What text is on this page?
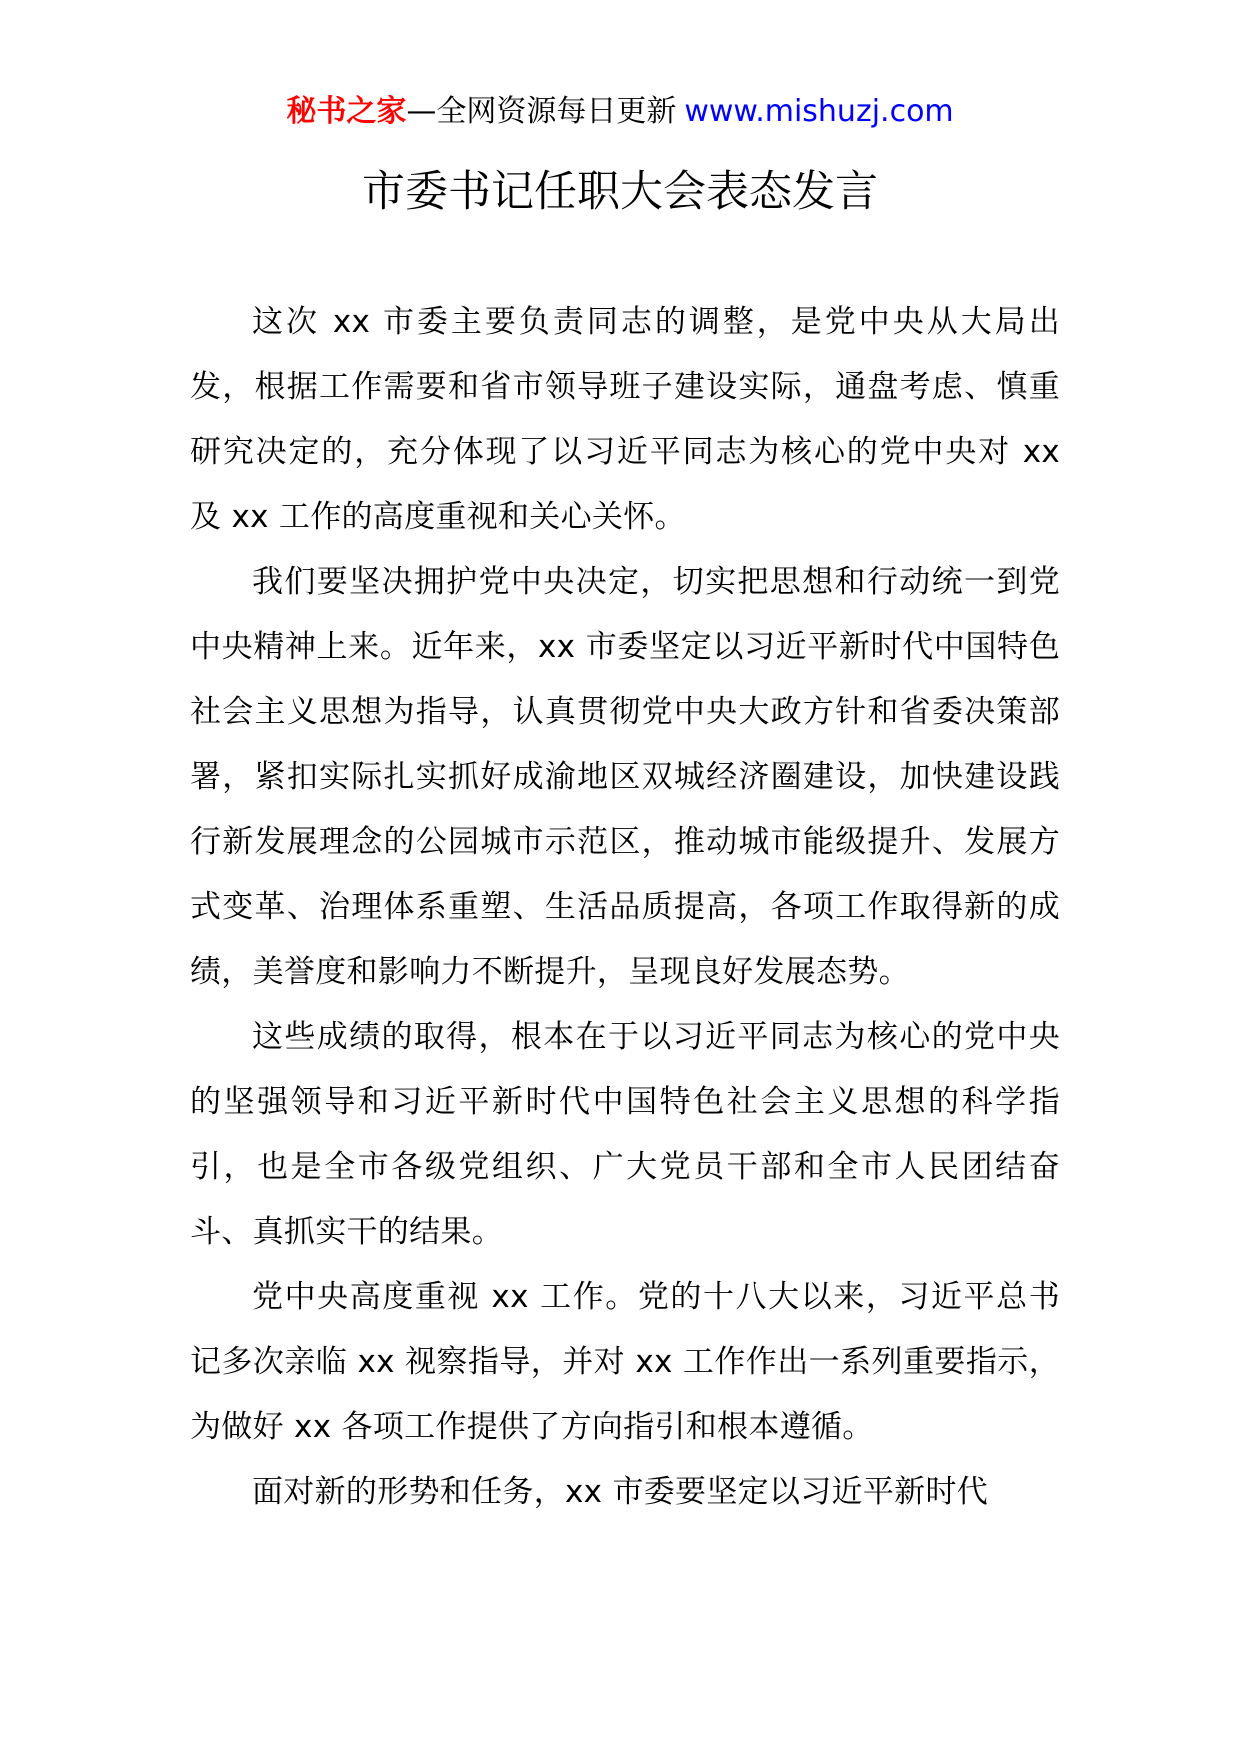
秘书之家—全网资源每日更新 www.mishuzj.com
市委书记任职大会表态发言

这次 xx 市委主要负责同志的调整，是党中央从大局出发，根据工作需要和省市领导班子建设实际，通盘考虑、慎重研究决定的，充分体现了以习近平同志为核心的党中央对 xx 及 xx 工作的高度重视和关心关怀。

我们要坚决拥护党中央决定，切实把思想和行动统一到党中央精神上来。近年来，xx 市委坚定以习近平新时代中国特色社会主义思想为指导，认真贯彻党中央大政方针和省委决策部署，紧扣实际扎实抓好成渝地区双城经济圈建设，加快建设践行新发展理念的公园城市示范区，推动城市能级提升、发展方式变革、治理体系重塑、生活品质提高，各项工作取得新的成绩，美誉度和影响力不断提升，呈现良好发展态势。

这些成绩的取得，根本在于以习近平同志为核心的党中央的坚强领导和习近平新时代中国特色社会主义思想的科学指引，也是全市各级党组织、广大党员干部和全市人民团结奋斗、真抓实干的结果。

党中央高度重视 xx 工作。党的十八大以来，习近平总书记多次亲临 xx 视察指导，并对 xx 工作作出一系列重要指示，为做好 xx 各项工作提供了方向指引和根本遵循。

面对新的形势和任务，xx 市委要坚定以习近平新时代
